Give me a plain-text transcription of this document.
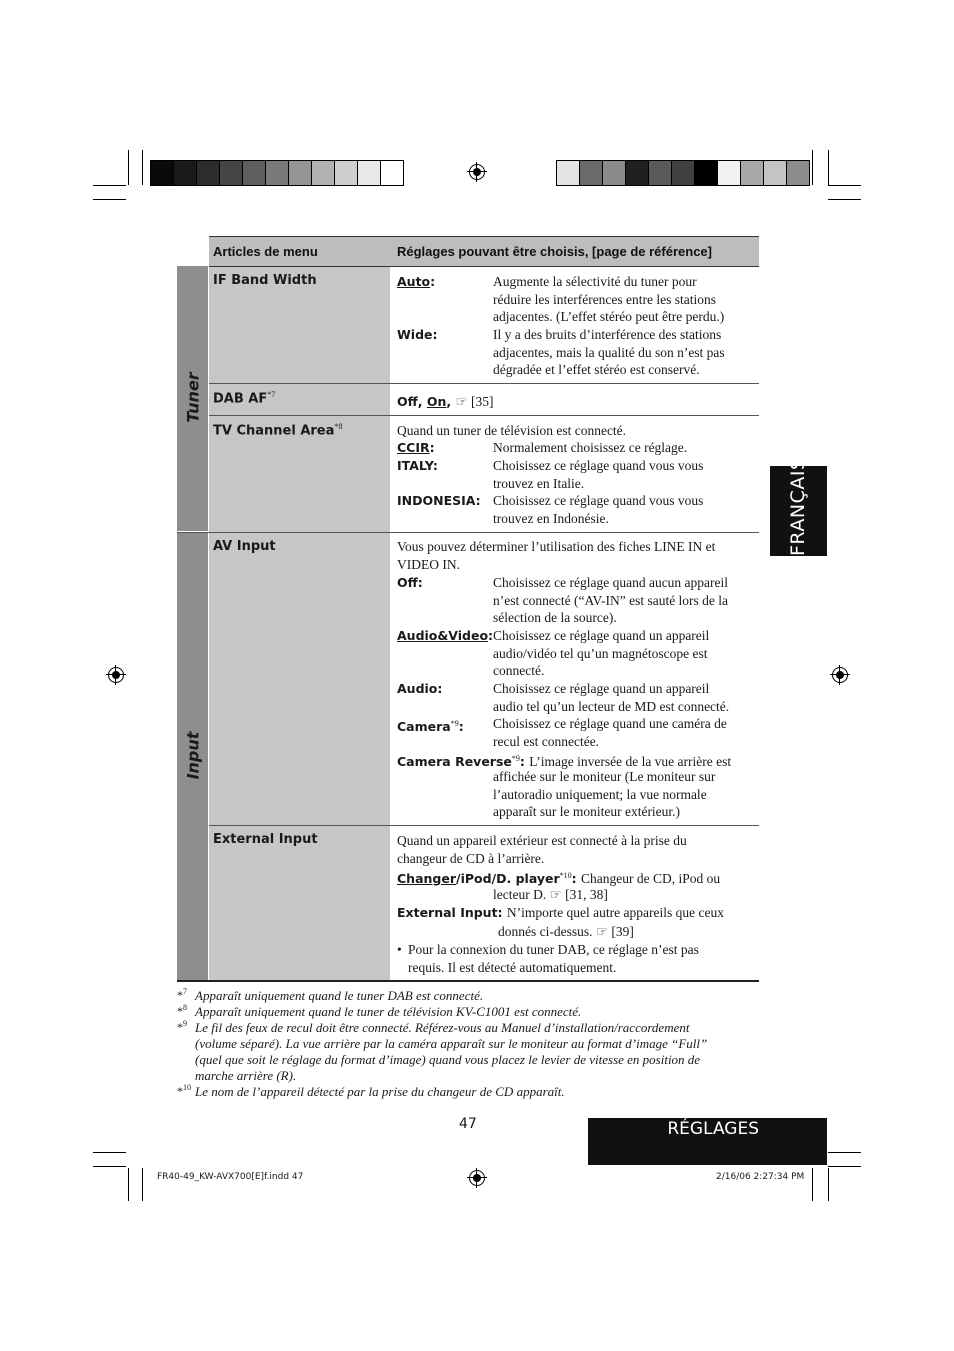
Articles de menu	Réglages pouvant être choisis, [page de référence]
Tuner
Input
IF Band Width	Auto:	Augmente la sélectivité du tuner pour
réduire les interférences entre les stations
adjacentes. (L’effet stéréo peut être perdu.)
Wide:	Il y a des bruits d’interférence des stations
adjacentes, mais la qualité du son n’est pas
dégradée et l’effet stéréo est conservé.
DAB AF$^{*7}$	Off, On, ☞ [35]
TV Channel Area$^{*8}$	Quand un tuner de télévision est connecté.
CCIR:	Normalement choisissez ce réglage.
ITALY:	Choisissez ce réglage quand vous vous
trouvez en Italie.
INDONESIA: Choisissez ce réglage quand vous vous
trouvez en Indonésie.
AV Input	Vous pouvez déterminer l’utilisation des fiches LINE IN et
VIDEO IN.
Off:	Choisissez ce réglage quand aucun appareil
n’est connecté (“AV-IN” est sauté lors de la
sélection de la source).
Audio&Video: Choisissez ce réglage quand un appareil
audio/vidéo tel qu’un magnétoscope est
connecté.
Audio:	Choisissez ce réglage quand un appareil
audio tel qu’un lecteur de MD est connecté.
Camera$^{*9}$: Choisissez ce réglage quand une caméra de
recul est connectée.
Camera Reverse$^{*9}$: L’image inversée de la vue arrière est
affichée sur le moniteur (Le moniteur sur
l’autoradio uniquement; la vue normale
apparaît sur le moniteur extérieur.)
External Input	Quand un appareil extérieur est connecté à la prise du
changeur de CD à l’arrière.
Changer/iPod/D. player$^{*10}$: Changeur de CD, iPod ou
lecteur D. ☞ [31, 38]
External Input: N’importe quel autre appareils que ceux
donnés ci-dessus. ☞ [39]
• Pour la connexion du tuner DAB, ce réglage n’est pas
requis. Il est détecté automatiquement.
FRANÇAIS
*$^7$ Apparaît uniquement quand le tuner DAB est connecté.
*$^8$ Apparaît uniquement quand le tuner de télévision KV-C1001 est connecté.
*$^9$ Le fil des feux de recul doit être connecté. Référez-vous au Manuel d’installation/raccordement
(volume séparé). La vue arrière par la caméra apparaît sur le moniteur au format d’image “Full”
(quel que soit le réglage du format d’image) quand vous placez le levier de vitesse en position de
marche arrière (R).
*$^{10}$ Le nom de l’appareil détecté par la prise du changeur de CD apparaît.
47	RÉGLAGES
FR40-49_KW-AVX700[E]f.indd 47	2/16/06 2:27:34 PM
